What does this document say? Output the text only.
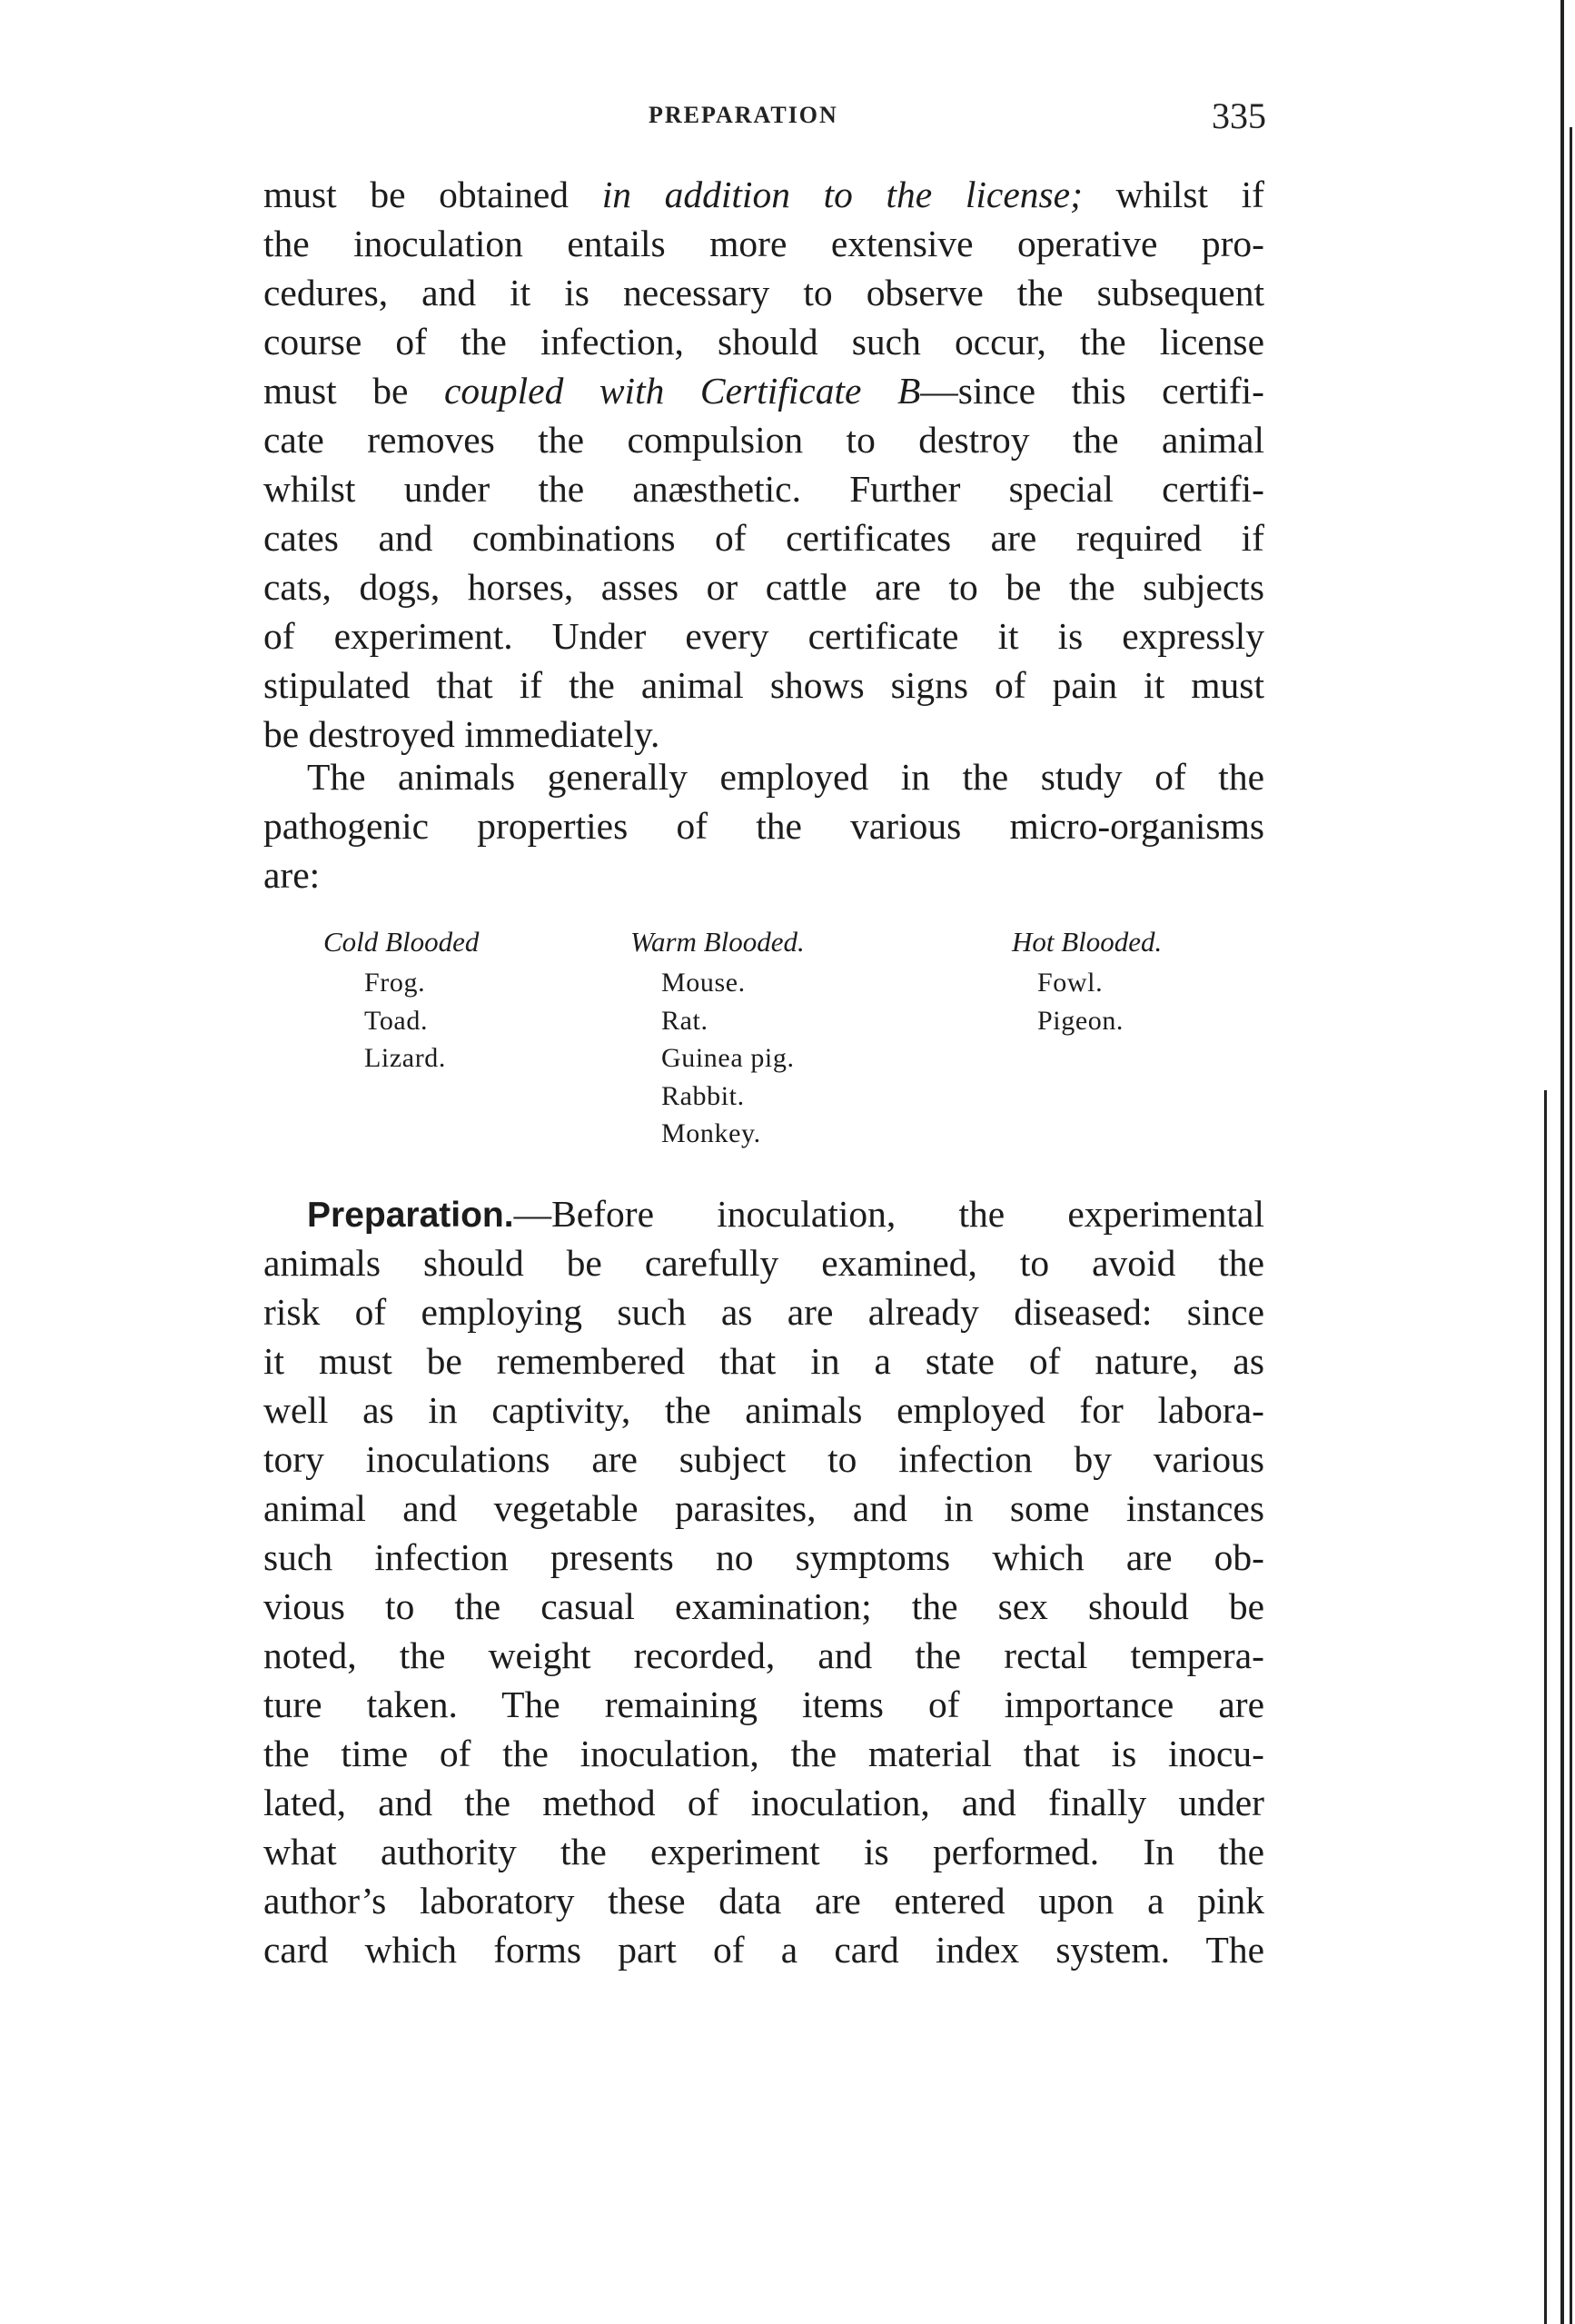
PREPARATION	335
must be obtained in addition to the license; whilst if
the inoculation entails more extensive operative pro-
cedures, and it is necessary to observe the subsequent
course of the infection, should such occur, the license
must be coupled with Certificate B—since this certifi-
cate removes the compulsion to destroy the animal
whilst under the anæsthetic. Further special certifi-
cates and combinations of certificates are required if
cats, dogs, horses, asses or cattle are to be the subjects
of experiment. Under every certificate it is expressly
stipulated that if the animal shows signs of pain it must
be destroyed immediately.
The animals generally employed in the study of the
pathogenic properties of the various micro-organisms
are:
Cold Blooded
Frog.
Toad.
Lizard.
Warm Blooded.
Mouse.
Rat.
Guinea pig.
Rabbit.
Monkey.
Hot Blooded.
Fowl.
Pigeon.
Preparation.—Before inoculation, the experimental
animals should be carefully examined, to avoid the
risk of employing such as are already diseased: since
it must be remembered that in a state of nature, as
well as in captivity, the animals employed for labora-
tory inoculations are subject to infection by various
animal and vegetable parasites, and in some instances
such infection presents no symptoms which are ob-
vious to the casual examination; the sex should be
noted, the weight recorded, and the rectal tempera-
ture taken. The remaining items of importance are
the time of the inoculation, the material that is inocu-
lated, and the method of inoculation, and finally under
what authority the experiment is performed. In the
author’s laboratory these data are entered upon a pink
card which forms part of a card index system. The
